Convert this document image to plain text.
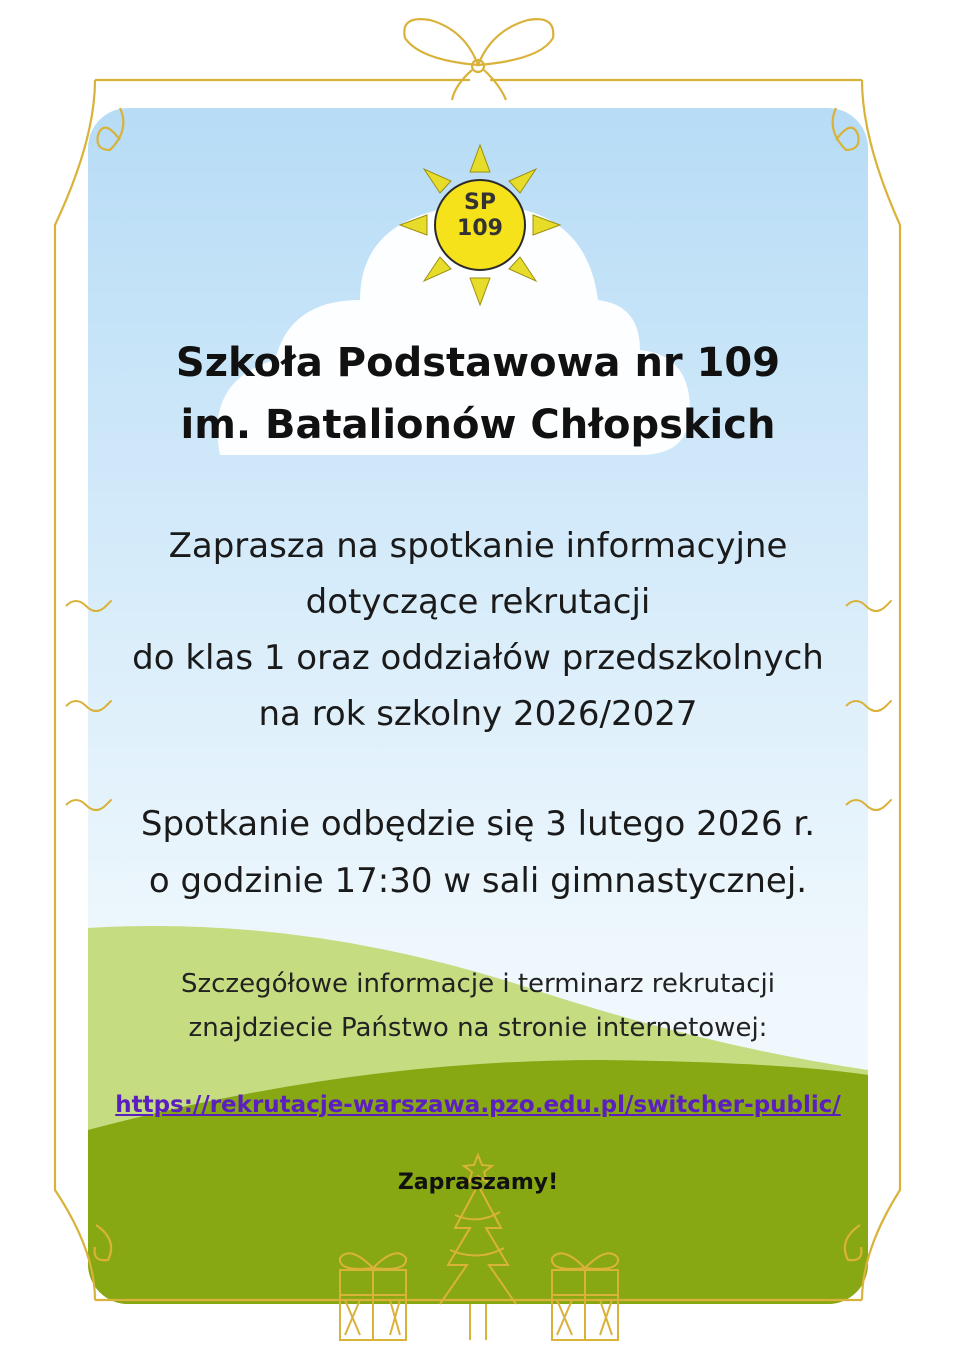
SP
109
Szkoła Podstawowa nr 109
im. Batalionów Chłopskich
Zaprasza na spotkanie informacyjne
dotyczące rekrutacji
do klas 1 oraz oddziałów przedszkolnych
na rok szkolny 2026/2027
Spotkanie odbędzie się 3 lutego 2026 r.
o godzinie 17:30 w sali gimnastycznej.
Szczegółowe informacje i terminarz rekrutacji
znajdziecie Państwo na stronie internetowej:
https://rekrutacje-warszawa.pzo.edu.pl/switcher-public/
Zapraszamy!
